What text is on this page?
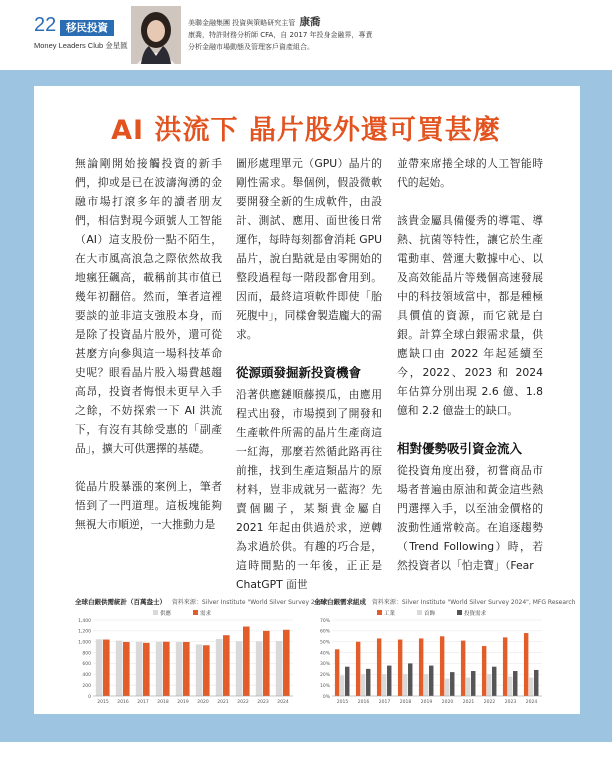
22 移民投資
Money Leaders Club 金星匯
美聯金融集團 投資與策略研究主管 康喬
康喬，特許財務分析師 CFA，自 2017 年投身金融界，專責分析金融市場動態及管理客戶資產組合。
AI 洪流下 晶片股外還可買甚麼

無論剛開始接觸投資的新手們，抑或是已在波濤洶湧的金融市場打滾多年的讀者朋友們，相信對現今頭號人工智能（AI）這支股份一點不陌生，在大市風高浪急之際依然故我地瘋狂飆高，載稱前其市值已幾年初翻倍。然而，筆者這裡要談的並非這支強股本身，而是除了投資晶片股外，還可從甚麼方向參與這一場科技革命史呢？眼看晶片股入場費越趨高昂，投資者悔恨未更早入手之餘，不妨探索一下 AI 洪流下，有沒有其餘受惠的「副產品」，擴大可供選擇的基礎。

從晶片股暴漲的案例上，筆者悟到了一門道理。這板塊能夠無視大市順逆，一大推動力是

圖形處理單元（GPU）晶片的剛性需求。舉個例，假設微軟要開發全新的生成軟件，由設計、測試、應用、面世後日常運作，每時每刻都會消耗 GPU 晶片，說白點就是由零開始的整段過程每一階段都會用到。因而，最終這項軟件即使「胎死腹中」，同樣會製造龐大的需求。

從源頭發掘新投資機會

沿著供應鏈順藤摸瓜，由應用程式出發，市場摸到了開發和生產軟件所需的晶片生產商這一紅海，那麼若然循此路再往前推，找到生產這類晶片的原材料，豈非成就另一藍海？先賣個關子，某類貴金屬自 2021 年起由供過於求，逆轉為求過於供。有趣的巧合是，這時間點的一年後，正正是 ChatGPT 面世

並帶來席捲全球的人工智能時代的起始。

該貴金屬具備優秀的導電、導熱、抗菌等特性，讓它於生產電動車、營運大數據中心、以及高效能晶片等幾個高速發展中的科技領域當中，都是種極具價值的資源，而它就是白銀。計算全球白銀需求量，供應缺口由 2022 年起延續至今，2022、2023 和 2024 年估算分別出現 2.6 億、1.8 億和 2.2 億盎士的缺口。

相對優勢吸引資金流入

從投資角度出發，初嘗商品市場者普遍由原油和黃金這些熱門選擇入手，以至油金價格的波動性通常較高。在追逐趨勢（Trend Following）時，若然投資者以「怕走寶」（Fear

全球白銀供需統計（百萬盎士） 資料來源：Silver Institute "World Silver Survey 2024"
供應	需求
0
200
400
600
800
1,000
1,200
1,400
2015 2016 2017 2018 2019 2020 2021 2022 2023 2024
全球白銀需求組成 資料來源：Silver Institute "World Silver Survey 2024", MFG Research
工業	首飾	投資需求
0%
10%
20%
30%
40%
50%
60%
70%
2015 2016 2017 2018 2019 2020 2021 2022 2023 2024
